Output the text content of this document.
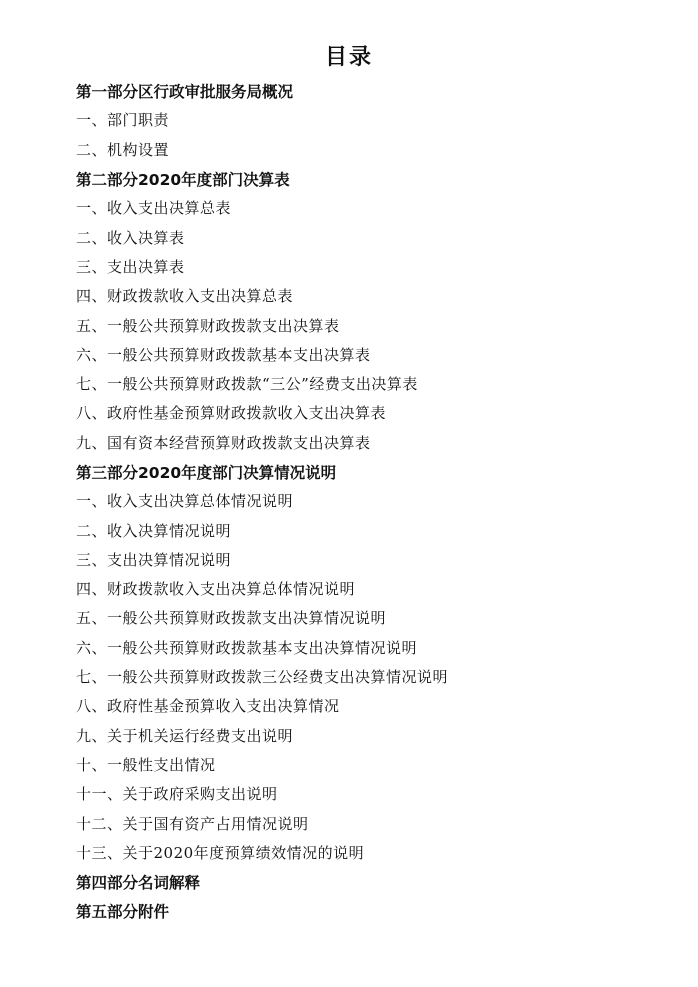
目录
第一部分区行政审批服务局概况
一、部门职责
二、机构设置
第二部分2020年度部门决算表
一、收入支出决算总表
二、收入决算表
三、支出决算表
四、财政拨款收入支出决算总表
五、一般公共预算财政拨款支出决算表
六、一般公共预算财政拨款基本支出决算表
七、一般公共预算财政拨款“三公”经费支出决算表
八、政府性基金预算财政拨款收入支出决算表
九、国有资本经营预算财政拨款支出决算表
第三部分2020年度部门决算情况说明
一、收入支出决算总体情况说明
二、收入决算情况说明
三、支出决算情况说明
四、财政拨款收入支出决算总体情况说明
五、一般公共预算财政拨款支出决算情况说明
六、一般公共预算财政拨款基本支出决算情况说明
七、一般公共预算财政拨款三公经费支出决算情况说明
八、政府性基金预算收入支出决算情况
九、关于机关运行经费支出说明
十、一般性支出情况
十一、关于政府采购支出说明
十二、关于国有资产占用情况说明
十三、关于2020年度预算绩效情况的说明
第四部分名词解释
第五部分附件
